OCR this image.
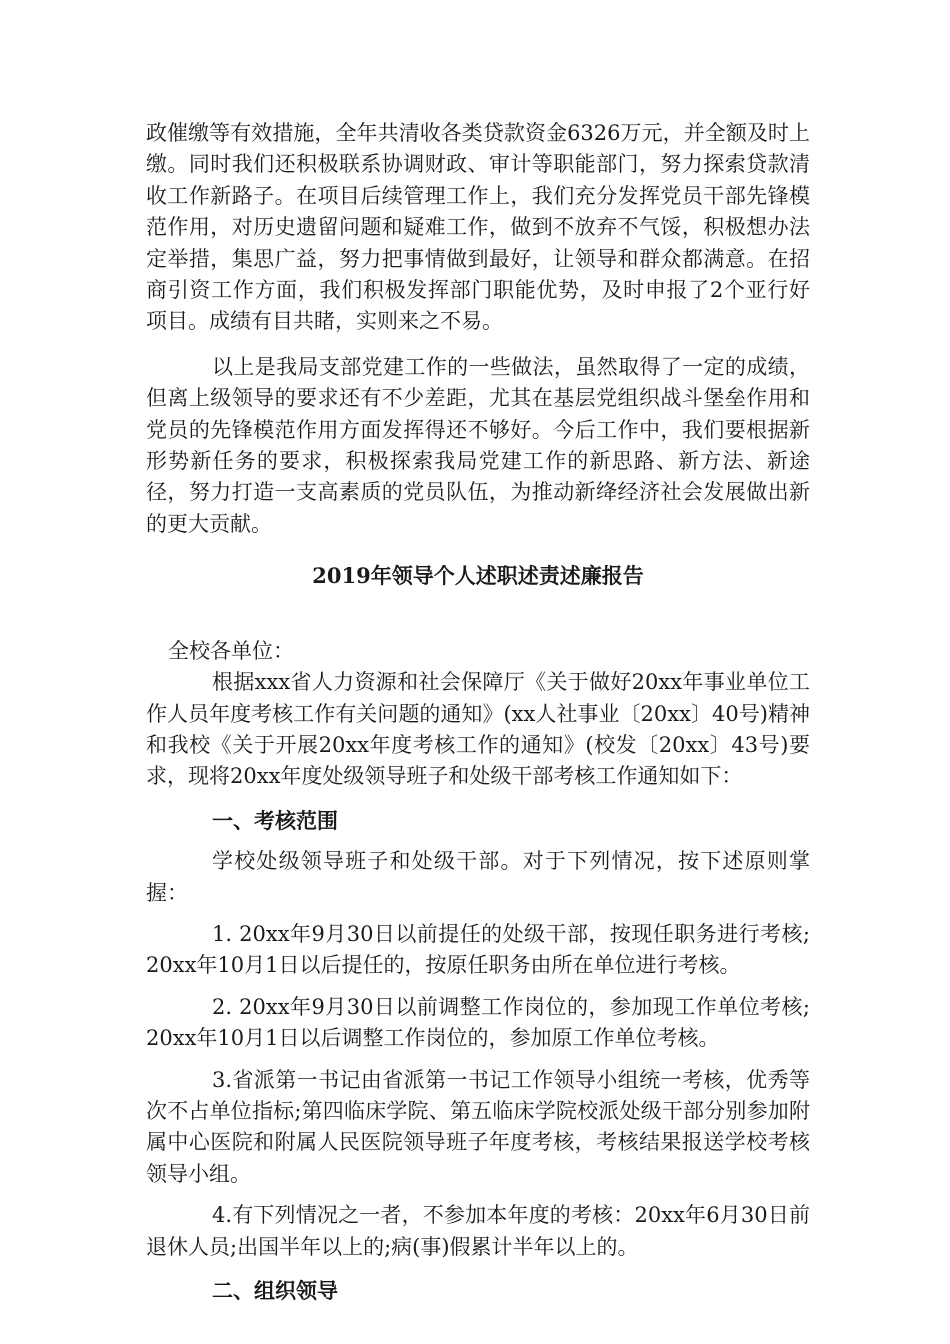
政催缴等有效措施，全年共清收各类贷款资金6326万元，并全额及时上缴。同时我们还积极联系协调财政、审计等职能部门，努力探索贷款清收工作新路子。在项目后续管理工作上，我们充分发挥党员干部先锋模范作用，对历史遗留问题和疑难工作，做到不放弃不气馁，积极想办法定举措，集思广益，努力把事情做到最好，让领导和群众都满意。在招商引资工作方面，我们积极发挥部门职能优势，及时申报了2个亚行好项目。成绩有目共睹，实则来之不易。

以上是我局支部党建工作的一些做法，虽然取得了一定的成绩，但离上级领导的要求还有不少差距，尤其在基层党组织战斗堡垒作用和党员的先锋模范作用方面发挥得还不够好。今后工作中，我们要根据新形势新任务的要求，积极探索我局党建工作的新思路、新方法、新途径，努力打造一支高素质的党员队伍，为推动新绛经济社会发展做出新的更大贡献。

2019年领导个人述职述责述廉报告

全校各单位：

根据xxx省人力资源和社会保障厅《关于做好20xx年事业单位工作人员年度考核工作有关问题的通知》(xx人社事业〔20xx〕40号)精神和我校《关于开展20xx年度考核工作的通知》(校发〔20xx〕43号)要求，现将20xx年度处级领导班子和处级干部考核工作通知如下：

一、考核范围

学校处级领导班子和处级干部。对于下列情况，按下述原则掌握：

1. 20xx年9月30日以前提任的处级干部，按现任职务进行考核;20xx年10月1日以后提任的，按原任职务由所在单位进行考核。

2. 20xx年9月30日以前调整工作岗位的，参加现工作单位考核;20xx年10月1日以后调整工作岗位的，参加原工作单位考核。

3.省派第一书记由省派第一书记工作领导小组统一考核，优秀等次不占单位指标;第四临床学院、第五临床学院校派处级干部分别参加附属中心医院和附属人民医院领导班子年度考核，考核结果报送学校考核领导小组。

4.有下列情况之一者，不参加本年度的考核：20xx年6月30日前退休人员;出国半年以上的;病(事)假累计半年以上的。

二、组织领导
